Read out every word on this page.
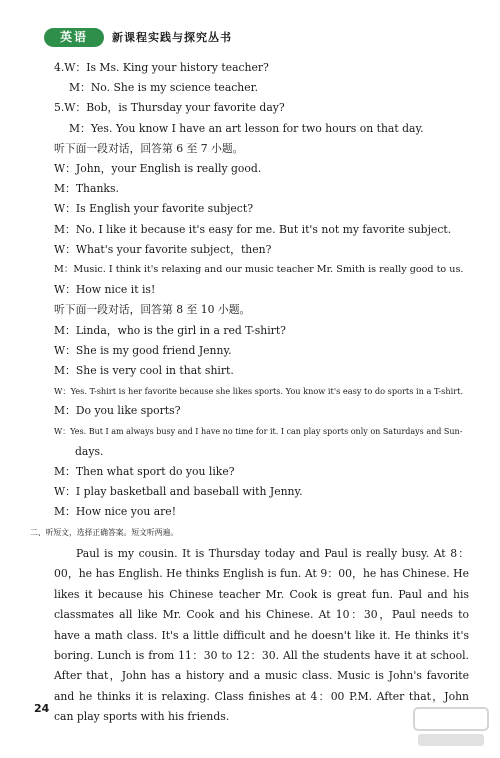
英语	新课程实践与探究丛书
4.W：Is Ms. King your history teacher?
M：No. She is my science teacher.
5.W：Bob，is Thursday your favorite day?
M：Yes. You know I have an art lesson for two hours on that day.
听下面一段对话，回答第 6 至 7 小题。
W：John，your English is really good.
M：Thanks.
W：Is English your favorite subject?
M：No. I like it because it's easy for me. But it's not my favorite subject.
W：What's your favorite subject，then?
M：Music. I think it's relaxing and our music teacher Mr. Smith is really good to us.
W：How nice it is!
听下面一段对话，回答第 8 至 10 小题。
M：Linda，who is the girl in a red T-shirt?
W：She is my good friend Jenny.
M：She is very cool in that shirt.
W：Yes. T-shirt is her favorite because she likes sports. You know it's easy to do sports in a T-shirt.
M：Do you like sports?
W：Yes. But I am always busy and I have no time for it. I can play sports only on Saturdays and Sun-
days.
M：Then what sport do you like?
W：I play basketball and baseball with Jenny.
M：How nice you are!
二、听短文，选择正确答案。短文听两遍。
Paul is my cousin. It is Thursday today and Paul is really busy. At 8：00，he has English. He thinks English is fun. At 9：00，he has Chinese. He likes it because his Chinese teacher Mr. Cook is great fun. Paul and his classmates all like Mr. Cook and his Chinese. At 10：30，Paul needs to have a math class. It's a little difficult and he doesn't like it. He thinks it's boring. Lunch is from 11：30 to 12：30. All the students have it at school. After that，John has a history and a music class. Music is John's favorite and he thinks it is relaxing. Class finishes at 4：00 P.M. After that，John can play sports with his friends.
24
